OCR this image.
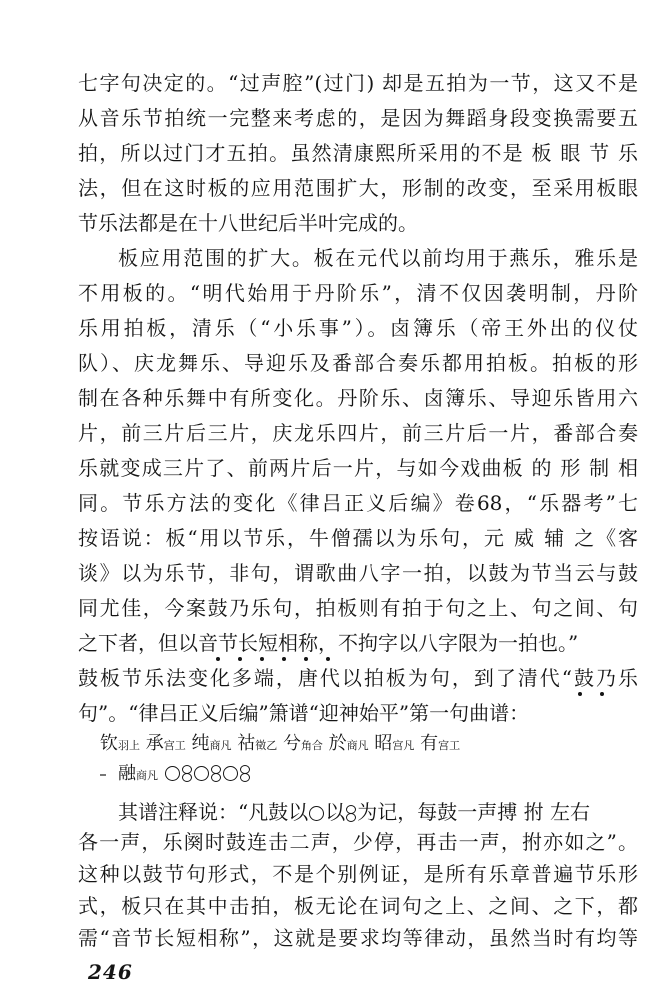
七字句决定的。“过声腔”(过门) 却是五拍为一节，这又不是
从音乐节拍统一完整来考虑的，是因为舞蹈身段变换需要五
拍，所以过门才五拍。虽然清康熙所采用的不是 板 眼 节 乐
法，但在这时板的应用范围扩大，形制的改变，至采用板眼
节乐法都是在十八世纪后半叶完成的。
板应用范围的扩大。板在元代以前均用于燕乐，雅乐是
不用板的。“明代始用于丹阶乐”，清不仅因袭明制，丹阶
乐用拍板，清乐（“小乐事”）。卤簿乐（帝王外出的仪仗
队）、庆龙舞乐、导迎乐及番部合奏乐都用拍板。拍板的形
制在各种乐舞中有所变化。丹阶乐、卤簿乐、导迎乐皆用六
片，前三片后三片，庆龙乐四片，前三片后一片，番部合奏
乐就变成三片了、前两片后一片，与如今戏曲板 的 形 制 相
同。节乐方法的变化《律吕正义后编》卷68，“乐器考”七
按语说：板“用以节乐，牛僧孺以为乐句，元 威 辅 之《客
谈》以为乐节，非句，谓歌曲八字一拍，以鼓为节当云与鼓
同尤佳，今案鼓乃乐句，拍板则有拍于句之上、句之间、句
之下者，但以音节长短相称，不拘字以八字限为一拍也。”
鼓板节乐法变化多端，唐代以拍板为句，到了清代“鼓乃乐
句”。“律吕正义后编”箫谱“迎神始平”第一句曲谱：
钦羽上 承宫工 纯商凡 祜徵乙 兮角合 於商凡 昭宫凡 有宫工
融商凡
其谱注释说：“凡鼓以 以 为记，每鼓一声搏 拊 左右
246
各一声，乐阕时鼓连击二声，少停，再击一声，拊亦如之”。
这种以鼓节句形式，不是个别例证，是所有乐章普遍节乐形
式，板只在其中击拍，板无论在词句之上、之间、之下，都
需“音节长短相称”，这就是要求均等律动，虽然当时有均等
